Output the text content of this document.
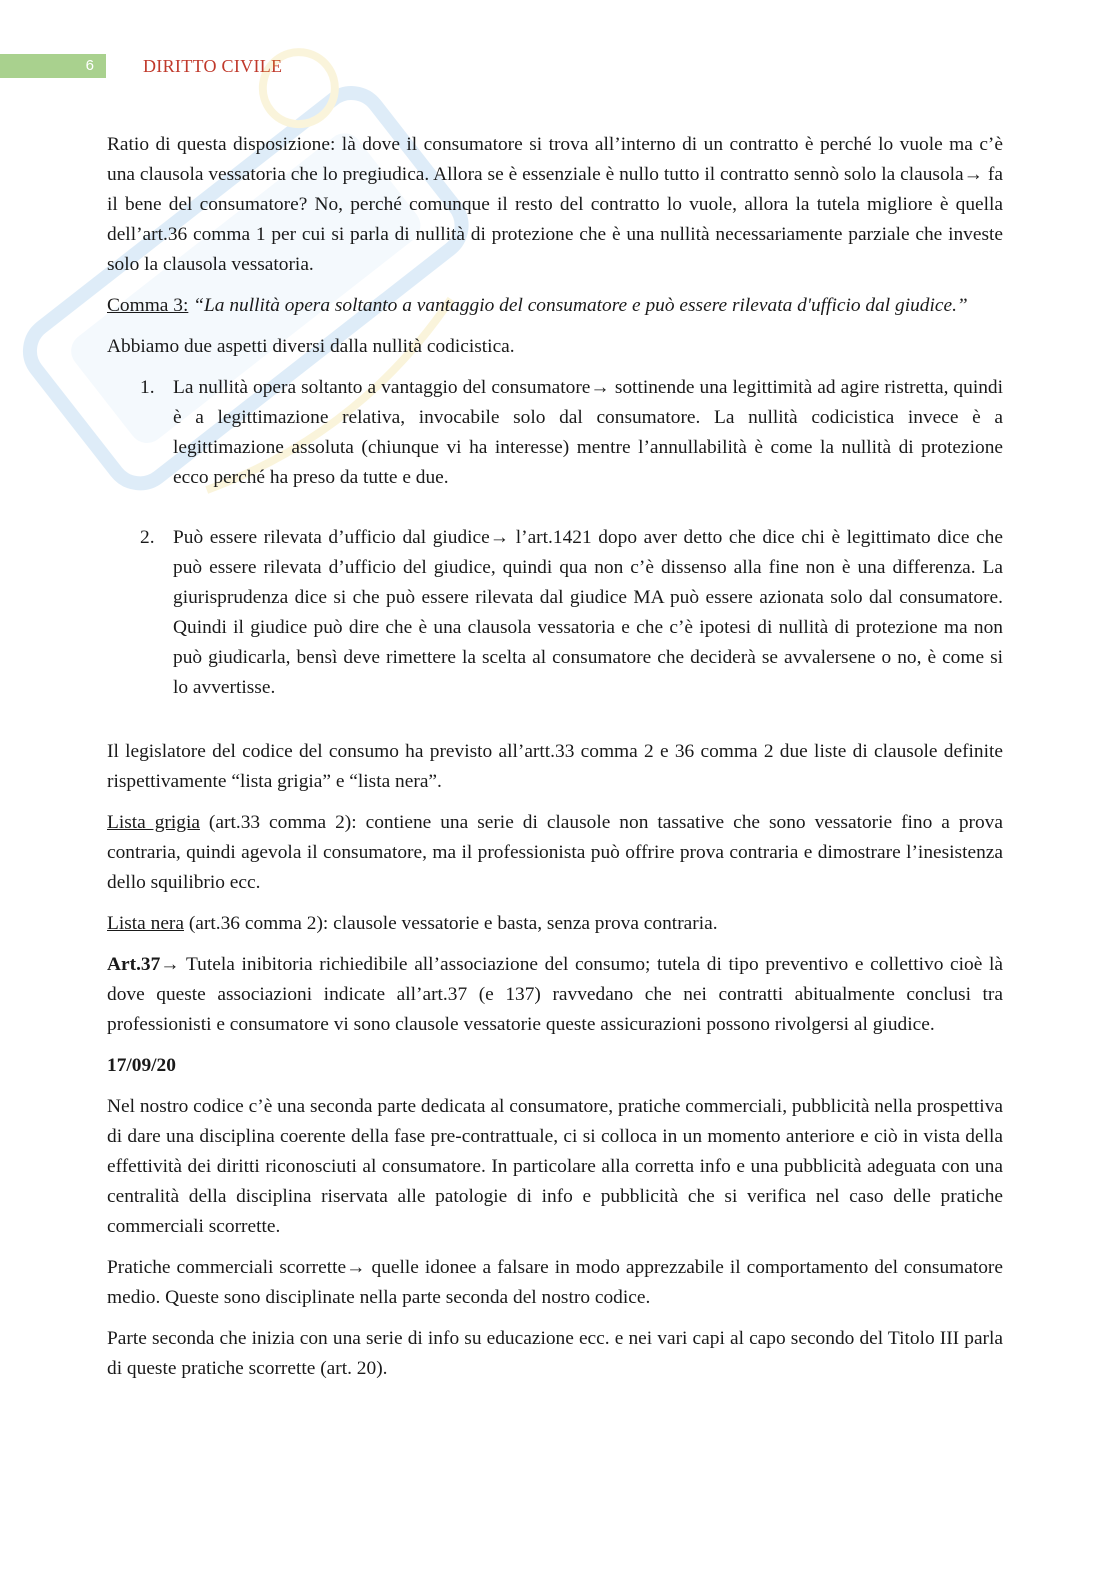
6	DIRITTO CIVILE

Ratio di questa disposizione: là dove il consumatore si trova all’interno di un contratto è perché lo vuole ma c’è una clausola vessatoria che lo pregiudica. Allora se è essenziale è nullo tutto il contratto sennò solo la clausola→ fa il bene del consumatore? No, perché comunque il resto del contratto lo vuole, allora la tutela migliore è quella dell’art.36 comma 1 per cui si parla di nullità di protezione che è una nullità necessariamente parziale che investe solo la clausola vessatoria.

Comma 3: “La nullità opera soltanto a vantaggio del consumatore e può essere rilevata d'ufficio dal giudice.”

Abbiamo due aspetti diversi dalla nullità codicistica.

1. La nullità opera soltanto a vantaggio del consumatore→ sottinende una legittimità ad agire ristretta, quindi è a legittimazione relativa, invocabile solo dal consumatore. La nullità codicistica invece è a legittimazione assoluta (chiunque vi ha interesse) mentre l’annullabilità è come la nullità di protezione ecco perché ha preso da tutte e due.
2. Può essere rilevata d’ufficio dal giudice→ l’art.1421 dopo aver detto che dice chi è legittimato dice che può essere rilevata d’ufficio del giudice, quindi qua non c’è dissenso alla fine non è una differenza. La giurisprudenza dice si che può essere rilevata dal giudice MA può essere azionata solo dal consumatore. Quindi il giudice può dire che è una clausola vessatoria e che c’è ipotesi di nullità di protezione ma non può giudicarla, bensì deve rimettere la scelta al consumatore che deciderà se avvalersene o no, è come si lo avvertisse.

Il legislatore del codice del consumo ha previsto all’artt.33 comma 2 e 36 comma 2 due liste di clausole definite rispettivamente “lista grigia” e “lista nera”.

Lista grigia (art.33 comma 2): contiene una serie di clausole non tassative che sono vessatorie fino a prova contraria, quindi agevola il consumatore, ma il professionista può offrire prova contraria e dimostrare l’inesistenza dello squilibrio ecc.

Lista nera (art.36 comma 2): clausole vessatorie e basta, senza prova contraria.

Art.37→ Tutela inibitoria richiedibile all’associazione del consumo; tutela di tipo preventivo e collettivo cioè là dove queste associazioni indicate all’art.37 (e 137) ravvedano che nei contratti abitualmente conclusi tra professionisti e consumatore vi sono clausole vessatorie queste assicurazioni possono rivolgersi al giudice.

17/09/20

Nel nostro codice c’è una seconda parte dedicata al consumatore, pratiche commerciali, pubblicità nella prospettiva di dare una disciplina coerente della fase pre-contrattuale, ci si colloca in un momento anteriore e ciò in vista della effettività dei diritti riconosciuti al consumatore. In particolare alla corretta info e una pubblicità adeguata con una centralità della disciplina riservata alle patologie di info e pubblicità che si verifica nel caso delle pratiche commerciali scorrette.

Pratiche commerciali scorrette→ quelle idonee a falsare in modo apprezzabile il comportamento del consumatore medio. Queste sono disciplinate nella parte seconda del nostro codice.

Parte seconda che inizia con una serie di info su educazione ecc. e nei vari capi al capo secondo del Titolo III parla di queste pratiche scorrette (art. 20).
